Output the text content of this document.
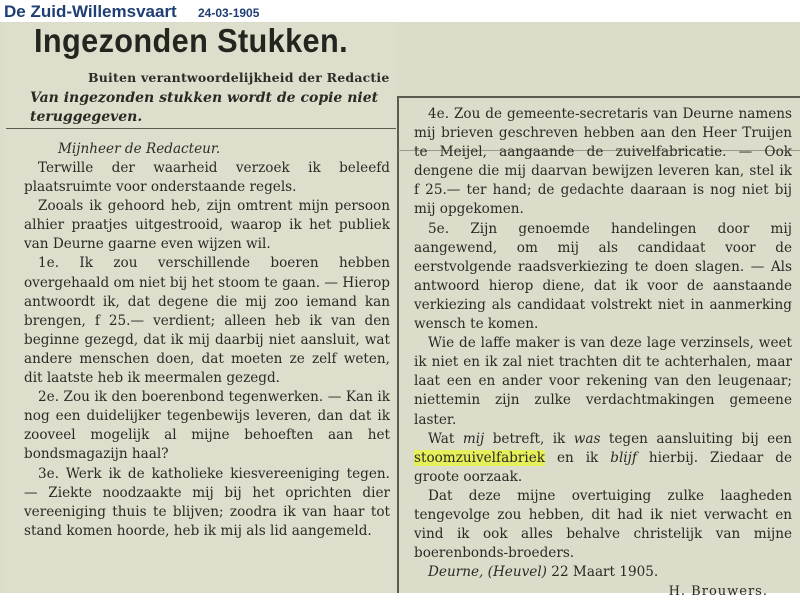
De Zuid-Willemsvaart 24-03-1905
Ingezonden Stukken.
Buiten verantwoordelijkheid der Redactie
Van ingezonden stukken wordt de copie niet teruggegeven.
Mijnheer de Redacteur.

Terwille der waarheid verzoek ik beleefd plaatsruimte voor onderstaande regels.

Zooals ik gehoord heb, zijn omtrent mijn persoon alhier praatjes uitgestrooid, waarop ik het publiek van Deurne gaarne even wijzen wil.

1e. Ik zou verschillende boeren hebben overgehaald om niet bij het stoom te gaan. — Hierop antwoordt ik, dat degene die mij zoo iemand kan brengen, f 25.— verdient; alleen heb ik van den beginne gezegd, dat ik mij daarbij niet aansluit, wat andere menschen doen, dat moeten ze zelf weten, dit laatste heb ik meermalen gezegd.

2e. Zou ik den boerenbond tegenwerken. — Kan ik nog een duidelijker tegenbewijs leveren, dan dat ik zooveel mogelijk al mijne behoeften aan het bondsmagazijn haal?

3e. Werk ik de katholieke kiesvereeniging tegen. — Ziekte noodzaakte mij bij het oprichten dier vereeniging thuis te blijven; zoodra ik van haar tot stand komen hoorde, heb ik mij als lid aangemeld.

4e. Zou de gemeente-secretaris van Deurne namens mij brieven geschreven hebben aan den Heer Truijen te Meijel, aangaande de zuivelfabricatie. — Ook dengene die mij daarvan bewijzen leveren kan, stel ik f 25.— ter hand; de gedachte daaraan is nog niet bij mij opgekomen.

5e. Zijn genoemde handelingen door mij aangewend, om mij als candidaat voor de eerstvolgende raadsverkiezing te doen slagen. — Als antwoord hierop diene, dat ik voor de aanstaande verkiezing als candidaat volstrekt niet in aanmerking wensch te komen.

Wie de laffe maker is van deze lage verzinsels, weet ik niet en ik zal niet trachten dit te achterhalen, maar laat een en ander voor rekening van den leugenaar; niettemin zijn zulke verdachtmakingen gemeene laster.

Wat mij betreft, ik was tegen aansluiting bij een stoomzuivelfabriek en ik blijf hierbij. Ziedaar de groote oorzaak.

Dat deze mijne overtuiging zulke laagheden tengevolge zou hebben, dit had ik niet verwacht en vind ik ook alles behalve christelijk van mijne boerenbonds-broeders.

Deurne, (Heuvel) 22 Maart 1905.

H. Brouwers.
